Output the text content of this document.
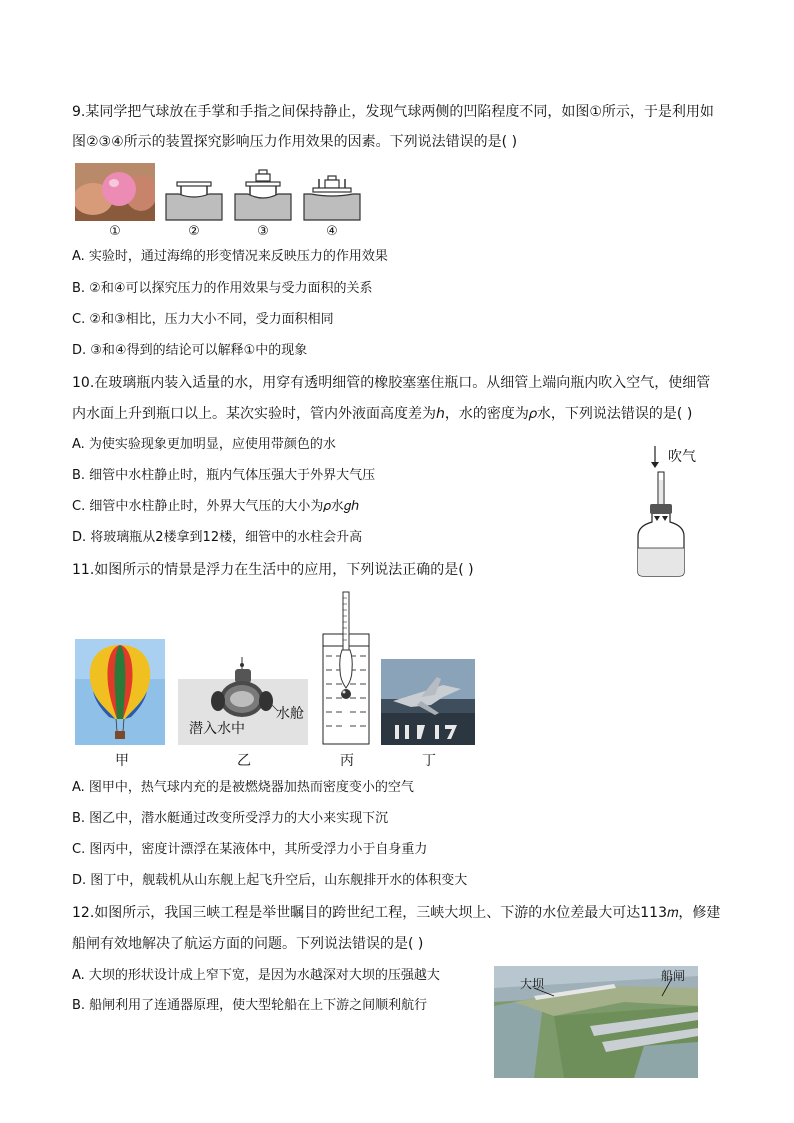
9.某同学把气球放在手掌和手指之间保持静止，发现气球两侧的凹陷程度不同，如图①所示，于是利用如
图②③④所示的装置探究影响压力作用效果的因素。下列说法错误的是( )
①	②	③	④
A. 实验时，通过海绵的形变情况来反映压力的作用效果
B. ②和④可以探究压力的作用效果与受力面积的关系
C. ②和③相比，压力大小不同，受力面积相同
D. ③和④得到的结论可以解释①中的现象
10.在玻璃瓶内装入适量的水，用穿有透明细管的橡胶塞塞住瓶口。从细管上端向瓶内吹入空气，使细管
内水面上升到瓶口以上。某次实验时，管内外液面高度差为ℎ，水的密度为𝜌水，下列说法错误的是( )
A. 为使实验现象更加明显，应使用带颜色的水
B. 细管中水柱静止时，瓶内气体压强大于外界大气压
C. 细管中水柱静止时，外界大气压的大小为𝜌水𝑔ℎ
D. 将玻璃瓶从2楼拿到12楼，细管中的水柱会升高
吹气
11.如图所示的情景是浮力在生活中的应用，下列说法正确的是( )
潜入水中
水舱
甲	乙	丙	丁
A. 图甲中，热气球内充的是被燃烧器加热而密度变小的空气
B. 图乙中，潜水艇通过改变所受浮力的大小来实现下沉
C. 图丙中，密度计漂浮在某液体中，其所受浮力小于自身重力
D. 图丁中，舰载机从山东舰上起飞升空后，山东舰排开水的体积变大
12.如图所示，我国三峡工程是举世瞩目的跨世纪工程，三峡大坝上、下游的水位差最大可达113𝑚，修建
船闸有效地解决了航运方面的问题。下列说法错误的是( )
A. 大坝的形状设计成上窄下宽，是因为水越深对大坝的压强越大
B. 船闸利用了连通器原理，使大型轮船在上下游之间顺利航行
大坝
船闸
